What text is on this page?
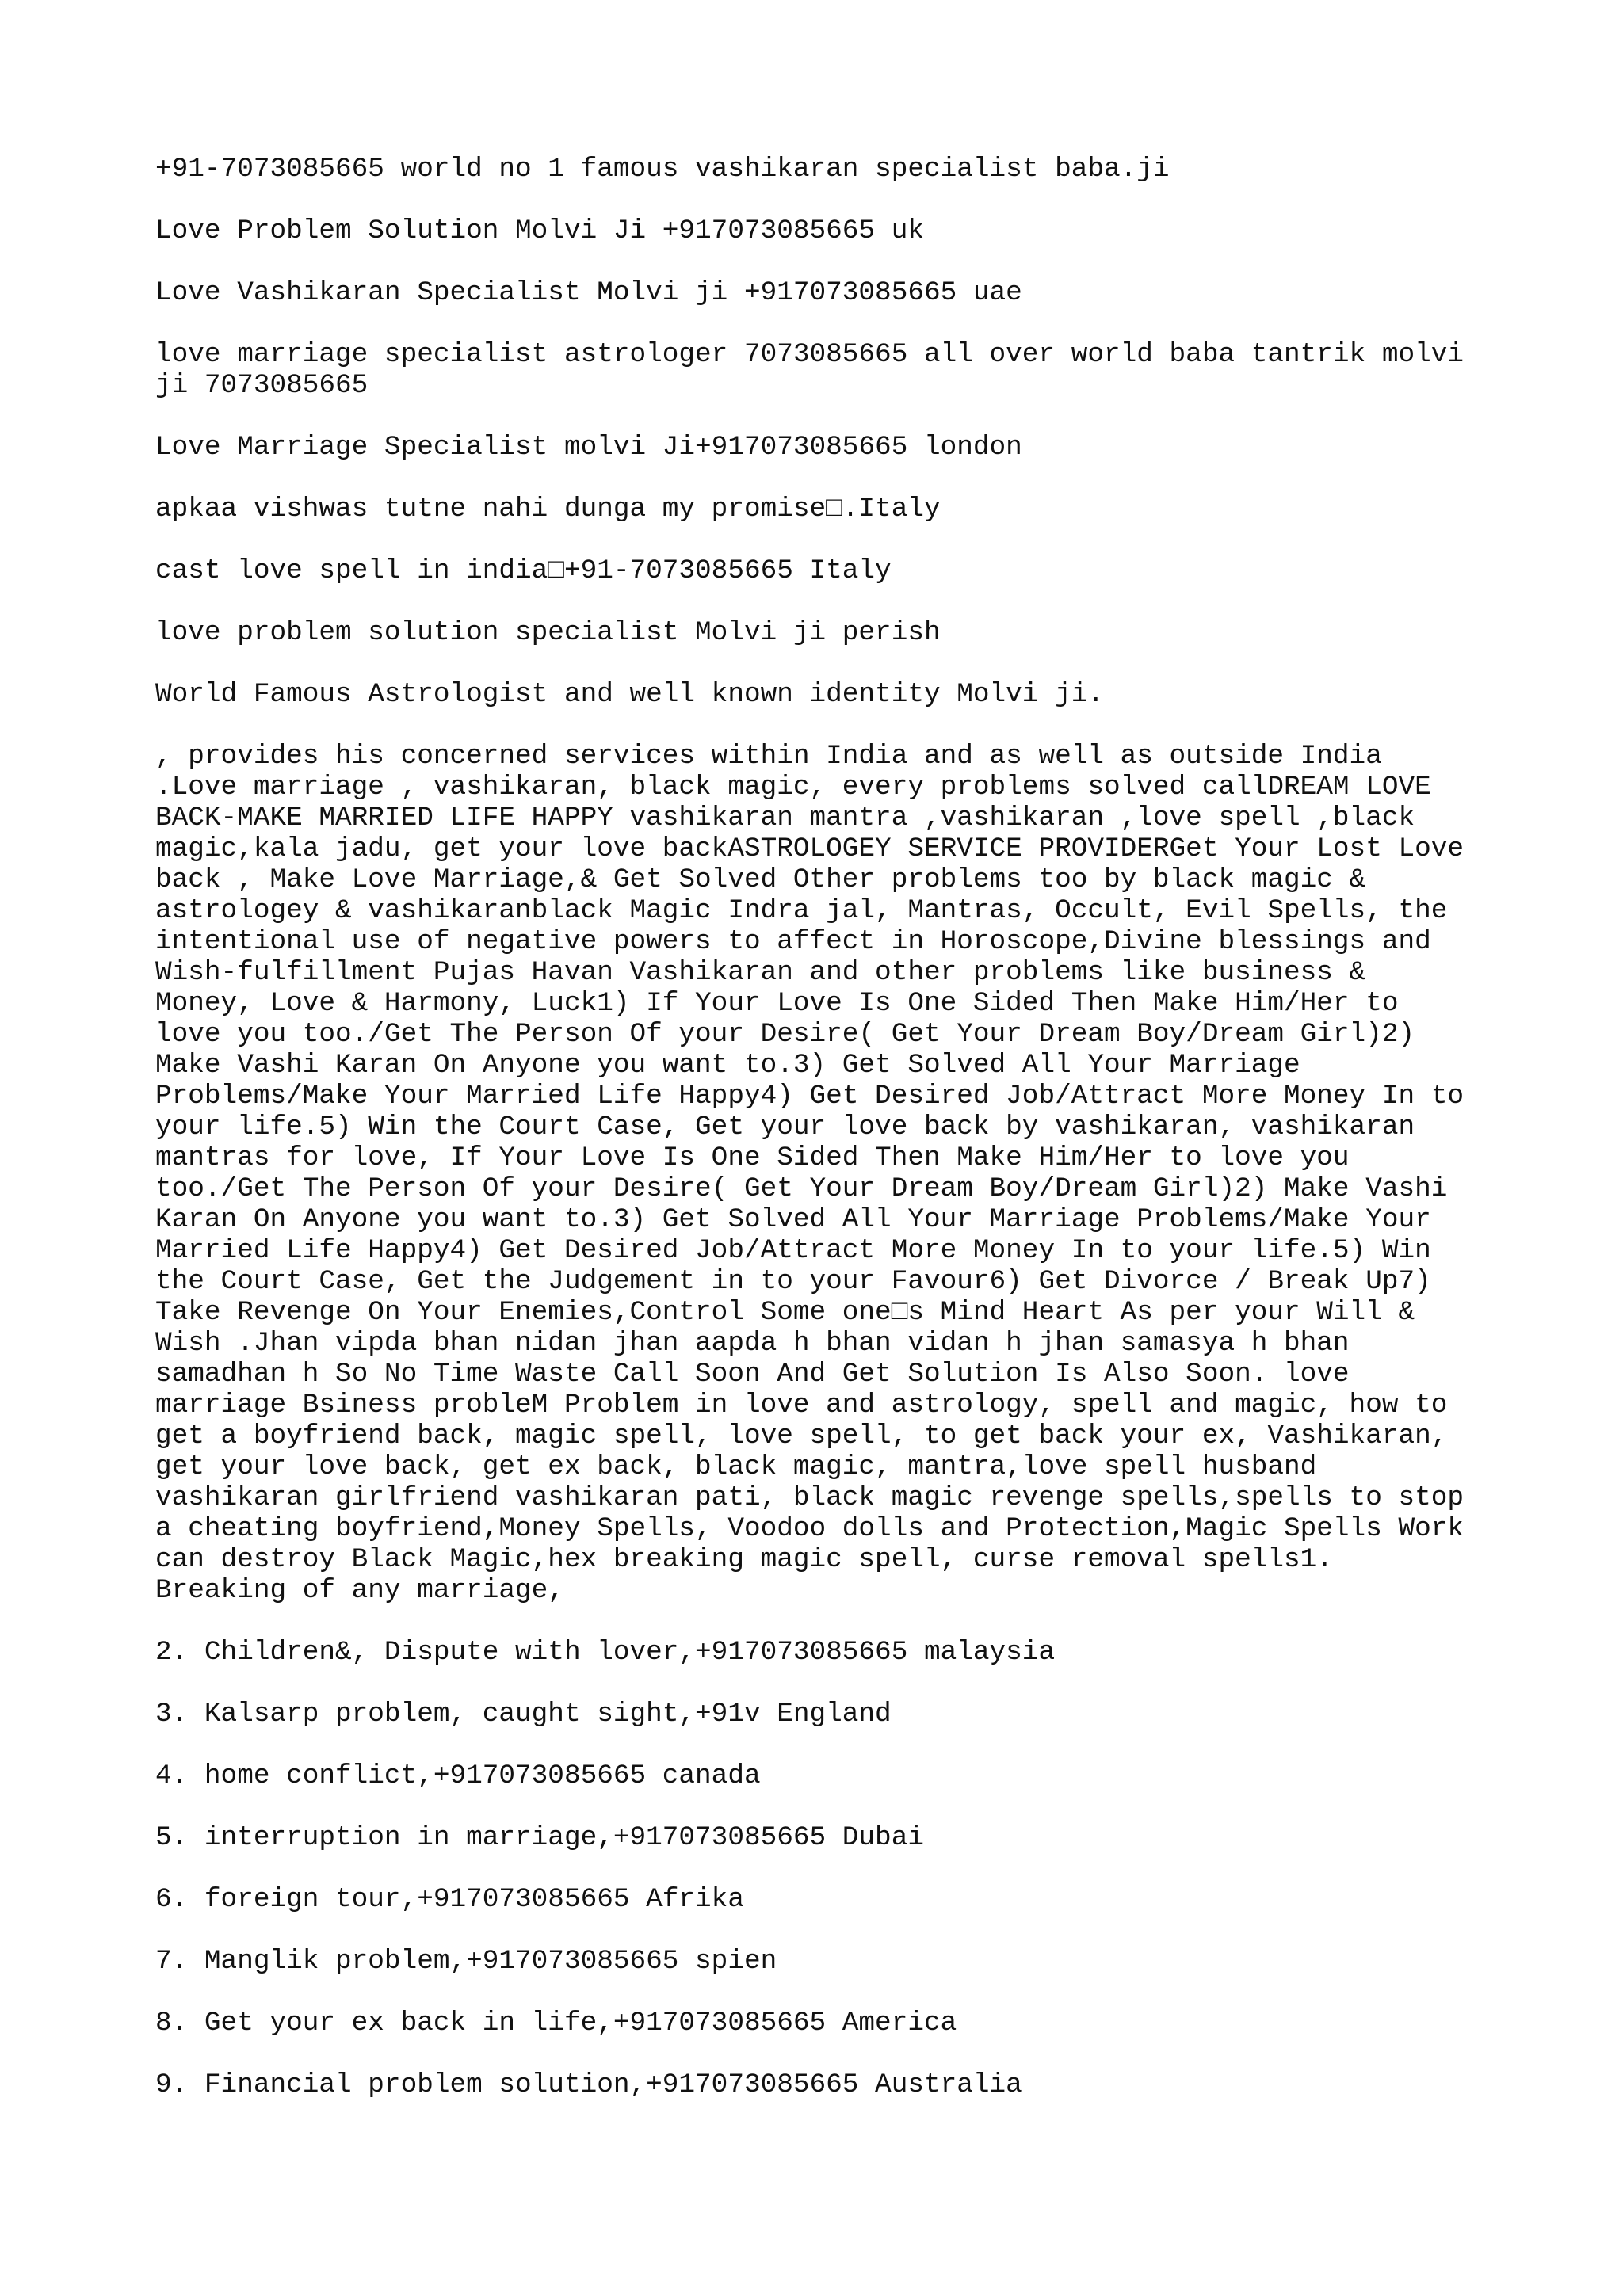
+91-7073085665 world no 1 famous vashikaran specialist baba.ji
Love Problem Solution Molvi Ji +917073085665 uk
Love Vashikaran Specialist Molvi ji +917073085665 uae
love marriage specialist astrologer 7073085665 all over world baba tantrik molvi
ji 7073085665
Love Marriage Specialist molvi Ji+917073085665 london
apkaa vishwas tutne nahi dunga my promise□.Italy
cast love spell in india□+91-7073085665 Italy
love problem solution specialist Molvi ji perish
World Famous Astrologist and well known identity Molvi ji.
, provides his concerned services within India and as well as outside India
.Love marriage , vashikaran, black magic, every problems solved callDREAM LOVE
BACK-MAKE MARRIED LIFE HAPPY vashikaran mantra ,vashikaran ,love spell ,black
magic,kala jadu, get your love backASTROLOGEY SERVICE PROVIDERGet Your Lost Love
back , Make Love Marriage,& Get Solved Other problems too by black magic &
astrologey & vashikaranblack Magic Indra jal, Mantras, Occult, Evil Spells, the
intentional use of negative powers to affect in Horoscope,Divine blessings and
Wish-fulfillment Pujas Havan Vashikaran and other problems like business &
Money, Love & Harmony, Luck1) If Your Love Is One Sided Then Make Him/Her to
love you too./Get The Person Of your Desire( Get Your Dream Boy/Dream Girl)2)
Make Vashi Karan On Anyone you want to.3) Get Solved All Your Marriage
Problems/Make Your Married Life Happy4) Get Desired Job/Attract More Money In to
your life.5) Win the Court Case, Get your love back by vashikaran, vashikaran
mantras for love, If Your Love Is One Sided Then Make Him/Her to love you
too./Get The Person Of your Desire( Get Your Dream Boy/Dream Girl)2) Make Vashi
Karan On Anyone you want to.3) Get Solved All Your Marriage Problems/Make Your
Married Life Happy4) Get Desired Job/Attract More Money In to your life.5) Win
the Court Case, Get the Judgement in to your Favour6) Get Divorce / Break Up7)
Take Revenge On Your Enemies,Control Some one□s Mind Heart As per your Will &
Wish .Jhan vipda bhan nidan jhan aapda h bhan vidan h jhan samasya h bhan
samadhan h So No Time Waste Call Soon And Get Solution Is Also Soon. love
marriage Bsiness probleM Problem in love and astrology, spell and magic, how to
get a boyfriend back, magic spell, love spell, to get back your ex, Vashikaran,
get your love back, get ex back, black magic, mantra,love spell husband
vashikaran girlfriend vashikaran pati, black magic revenge spells,spells to stop
a cheating boyfriend,Money Spells, Voodoo dolls and Protection,Magic Spells Work
can destroy Black Magic,hex breaking magic spell, curse removal spells1.
Breaking of any marriage,
2. Children&, Dispute with lover,+917073085665 malaysia
3. Kalsarp problem, caught sight,+91v England
4. home conflict,+917073085665 canada
5. interruption in marriage,+917073085665 Dubai
6. foreign tour,+917073085665 Afrika
7. Manglik problem,+917073085665 spien
8. Get your ex back in life,+917073085665 America
9. Financial problem solution,+917073085665 Australia
